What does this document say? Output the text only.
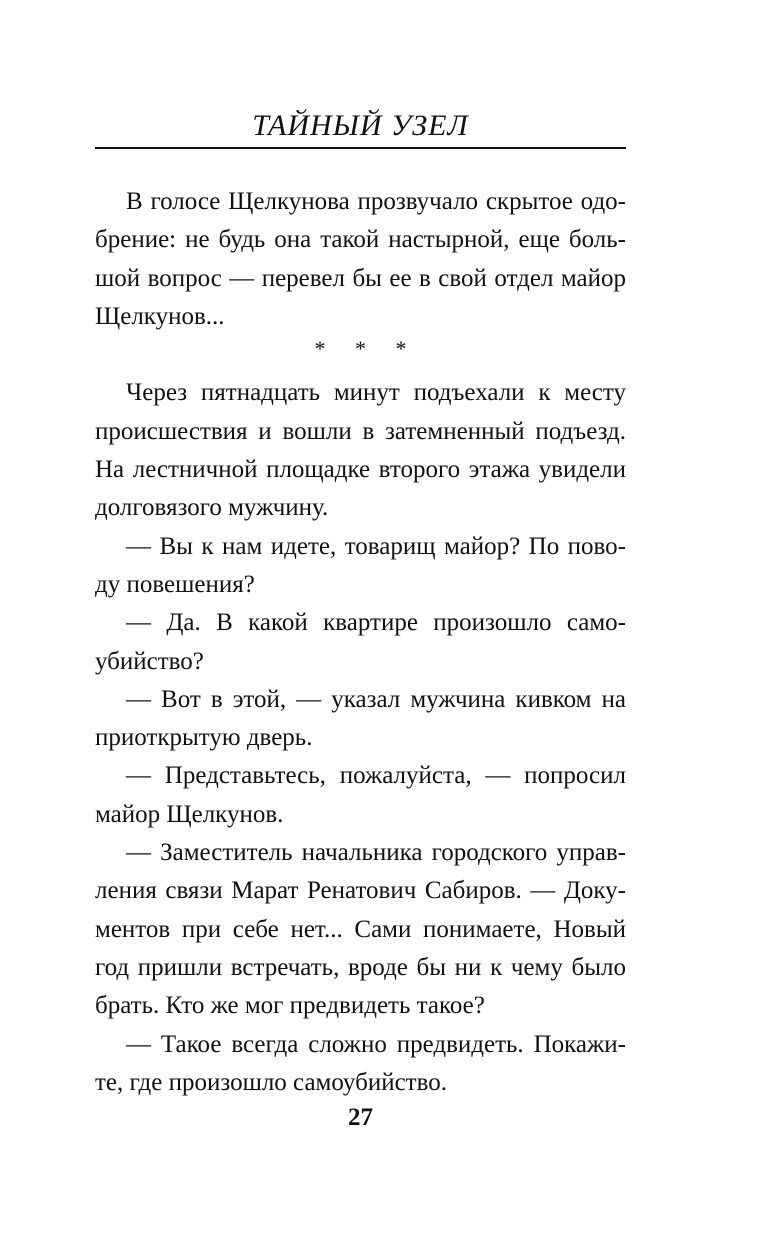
ТАЙНЫЙ УЗЕЛ
В голосе Щелкунова прозвучало скрытое одо-
брение: не будь она такой настырной, еще боль-
шой вопрос — перевел бы ее в свой отдел майор
Щелкунов...
* * *
Через пятнадцать минут подъехали к месту
происшествия и вошли в затемненный подъезд.
На лестничной площадке второго этажа увидели
долговязого мужчину.
— Вы к нам идете, товарищ майор? По пово-
ду повешения?
— Да. В какой квартире произошло само-
убийство?
— Вот в этой, — указал мужчина кивком на
приоткрытую дверь.
— Представьтесь, пожалуйста, — попросил
майор Щелкунов.
— Заместитель начальника городского управ-
ления связи Марат Ренатович Сабиров. — Доку-
ментов при себе нет... Сами понимаете, Новый
год пришли встречать, вроде бы ни к чему было
брать. Кто же мог предвидеть такое?
— Такое всегда сложно предвидеть. Покажи-
те, где произошло самоубийство.
27
